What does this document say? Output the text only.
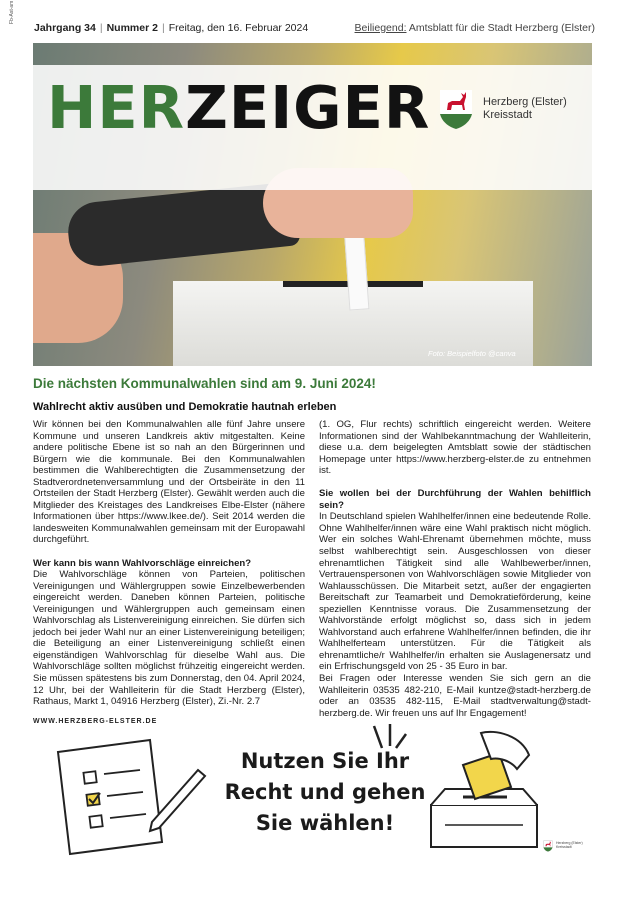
Fb-Ast-am
Jahrgang 34 | Nummer 2 | Freitag, den 16. Februar 2024	Beiliegend: Amtsblatt für die Stadt Herzberg (Elster)
HERZEIGER	Herzberg (Elster)
Kreisstadt
Foto: Beispielfoto @canva
Die nächsten Kommunalwahlen sind am 9. Juni 2024!
Wahlrecht aktiv ausüben und Demokratie hautnah erleben

Wir können bei den Kommunalwahlen alle fünf Jahre unsere Kommune und unseren Landkreis aktiv mitgestalten. Keine andere politische Ebene ist so nah an den Bürgerinnen und Bürgern wie die kommunale. Bei den Kommunalwahlen bestimmen die Wahlberechtigten die Zusammensetzung der Stadtverordnetenversammlung und der Ortsbeiräte in den 11 Ortsteilen der Stadt Herzberg (Elster). Gewählt werden auch die Mitglieder des Kreistages des Landkreises Elbe-Elster (nähere Informationen über https://www.lkee.de/). Seit 2014 werden die landesweiten Kommunalwahlen gemeinsam mit der Europawahl durchgeführt.

Wer kann bis wann Wahlvorschläge einreichen?

Die Wahlvorschläge können von Parteien, politischen Vereinigungen und Wählergruppen sowie Einzelbewerbenden eingereicht werden. Daneben können Parteien, politische Vereinigungen und Wählergruppen auch gemeinsam einen Wahlvorschlag als Listenvereinigung einreichen. Sie dürfen sich jedoch bei jeder Wahl nur an einer Listenvereinigung beteiligen; die Beteiligung an einer Listenvereinigung schließt einen eigenständigen Wahlvorschlag für dieselbe Wahl aus. Die Wahlvorschläge sollten möglichst frühzeitig eingereicht werden. Sie müssen spätestens bis zum Donnerstag, den 04. April 2024, 12 Uhr, bei der Wahlleiterin für die Stadt Herzberg (Elster), Rathaus, Markt 1, 04916 Herzberg (Elster), Zi.-Nr. 2.7

(1. OG, Flur rechts) schriftlich eingereicht werden. Weitere Informationen sind der Wahlbekanntmachung der Wahlleiterin, diese u.a. dem beigelegten Amtsblatt sowie der städtischen Homepage unter https://www.herzberg-elster.de zu entnehmen ist.

Sie wollen bei der Durchführung der Wahlen behilflich sein?

In Deutschland spielen Wahlhelfer/innen eine bedeutende Rolle. Ohne Wahlhelfer/innen wäre eine Wahl praktisch nicht möglich. Wer ein solches Wahl-Ehrenamt übernehmen möchte, muss selbst wahlberechtigt sein. Ausgeschlossen von dieser ehrenamtlichen Tätigkeit sind alle Wahlbewerber/innen, Vertrauenspersonen von Wahlvorschlägen sowie Mitglieder von Wahlausschüssen. Die Mitarbeit setzt, außer der engagierten Bereitschaft zur Teamarbeit und Demokratieförderung, keine speziellen Kenntnisse voraus. Die Zusammensetzung der Wahlvorstände erfolgt möglichst so, dass sich in jedem Wahlvorstand auch erfahrene Wahlhelfer/innen befinden, die ihr Wahlhelferteam unterstützen. Für die Tätigkeit als ehrenamtliche/r Wahlhelfer/in erhalten sie Auslagenersatz und ein Erfrischungsgeld von 25 - 35 Euro in bar.

Bei Fragen oder Interesse wenden Sie sich gern an die Wahlleiterin 03535 482-210, E-Mail kuntze@stadt-herzberg.de oder an 03535 482-115, E-Mail stadtverwaltung@stadt-herzberg.de. Wir freuen uns auf Ihr Engagement!

WWW.HERZBERG-ELSTER.DE
Nutzen Sie Ihr
Recht und gehen
Sie wählen!
Herzberg (Elster)
Kreisstadt
